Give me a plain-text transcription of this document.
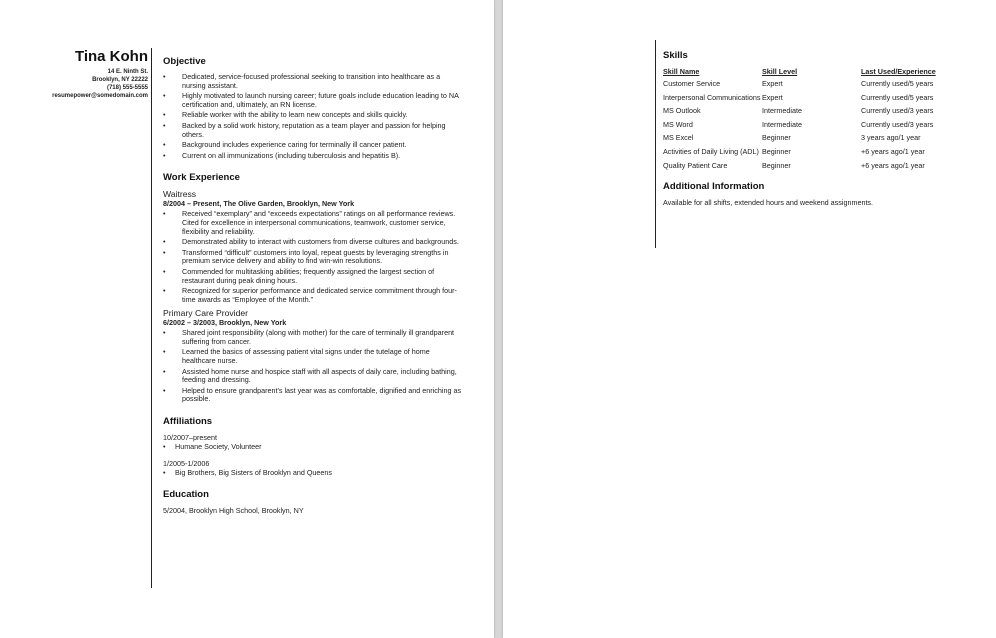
Tina Kohn
14 E. Ninth St.
Brooklyn, NY 22222
(718) 555-5555
resumepower@somedomain.com
Objective
• Dedicated, service-focused professional seeking to transition into healthcare as a nursing assistant.
• Highly motivated to launch nursing career; future goals include education leading to NA certification and, ultimately, an RN license.
• Reliable worker with the ability to learn new concepts and skills quickly.
• Backed by a solid work history, reputation as a team player and passion for helping others.
• Background includes experience caring for terminally ill cancer patient.
• Current on all immunizations (including tuberculosis and hepatitis B).
Work Experience
Waitress
8/2004 – Present, The Olive Garden, Brooklyn, New York
• Received “exemplary” and “exceeds expectations” ratings on all performance reviews. Cited for excellence in interpersonal communications, teamwork, customer service, flexibility and reliability.
• Demonstrated ability to interact with customers from diverse cultures and backgrounds.
• Transformed “difficult” customers into loyal, repeat guests by leveraging strengths in premium service delivery and ability to find win-win resolutions.
• Commended for multitasking abilities; frequently assigned the largest section of restaurant during peak dining hours.
• Recognized for superior performance and dedicated service commitment through four-time awards as “Employee of the Month.”
Primary Care Provider
6/2002 – 3/2003, Brooklyn, New York
• Shared joint responsibility (along with mother) for the care of terminally ill grandparent suffering from cancer.
• Learned the basics of assessing patient vital signs under the tutelage of home healthcare nurse.
• Assisted home nurse and hospice staff with all aspects of daily care, including bathing, feeding and dressing.
• Helped to ensure grandparent's last year was as comfortable, dignified and enriching as possible.
Affiliations
10/2007–present
• Humane Society, Volunteer
1/2005-1/2006
• Big Brothers, Big Sisters of Brooklyn and Queens
Education
5/2004, Brooklyn High School, Brooklyn, NY
Skills
Skill Name	Skill Level	Last Used/Experience
Customer Service	Expert	Currently used/5 years
Interpersonal Communications	Expert	Currently used/5 years
MS Outlook	Intermediate	Currently used/3 years
MS Word	Intermediate	Currently used/3 years
MS Excel	Beginner	3 years ago/1 year
Activities of Daily Living (ADL)	Beginner	+6 years ago/1 year
Quality Patient Care	Beginner	+6 years ago/1 year
Additional Information
Available for all shifts, extended hours and weekend assignments.
